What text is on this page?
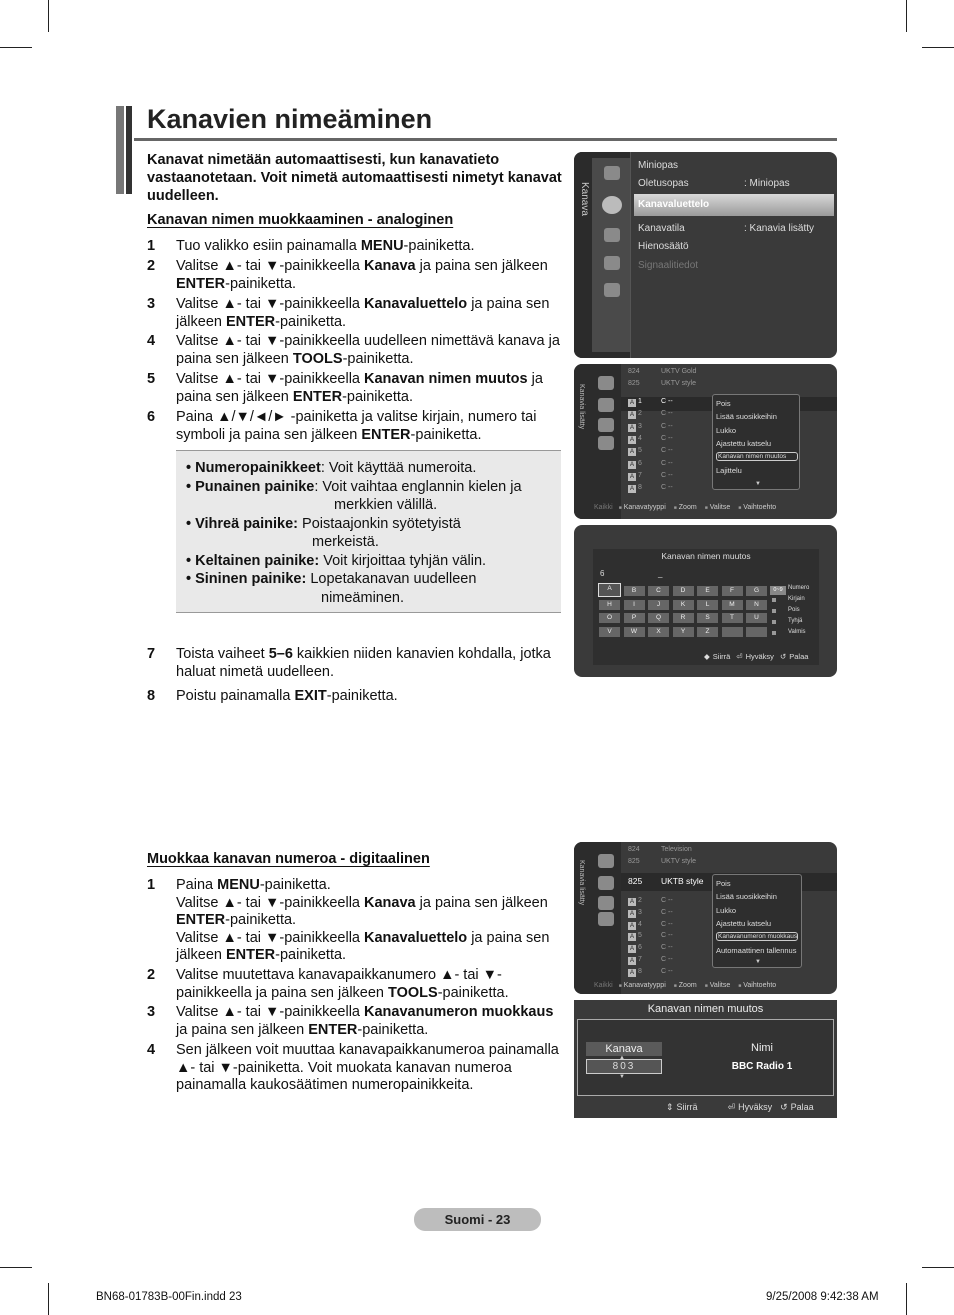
Kanavien nimeäminen
Kanavat nimetään automaattisesti, kun kanavatieto vastaanotetaan. Voit nimetä automaattisesti nimetyt kanavat uudelleen.
Kanavan nimen muokkaaminen - analoginen
1 Tuo valikko esiin painamalla MENU-painiketta.
2 Valitse ▲- tai ▼-painikkeella Kanava ja paina sen jälkeen ENTER-painiketta.
3 Valitse ▲- tai ▼-painikkeella Kanavaluettelo ja paina sen jälkeen ENTER-painiketta.
4 Valitse ▲- tai ▼-painikkeella uudelleen nimettävä kanava ja paina sen jälkeen TOOLS-painiketta.
5 Valitse ▲- tai ▼-painikkeella Kanavan nimen muutos ja paina sen jälkeen ENTER-painiketta.
6 Paina ▲/▼/◄/► -painiketta ja valitse kirjain, numero tai symboli ja paina sen jälkeen ENTER-painiketta.
• Numeropainikkeet: Voit käyttää numeroita.
• Punainen painike: Voit vaihtaa englannin kielen ja
merkkien välillä.
• Vihreä painike: Poistaajonkin syötetyistä
merkeistä.
• Keltainen painike: Voit kirjoittaa tyhjän välin.
• Sininen painike: Lopetakanavan uudelleen
nimeäminen.
7 Toista vaiheet 5–6 kaikkien niiden kanavien kohdalla, jotka haluat nimetä uudelleen.
8 Poistu painamalla EXIT-painiketta.
Muokkaa kanavan numeroa - digitaalinen
1 Paina MENU-painiketta.
Valitse ▲- tai ▼-painikkeella Kanava ja paina sen jälkeen ENTER-painiketta.
Valitse ▲- tai ▼-painikkeella Kanavaluettelo ja paina sen jälkeen ENTER-painiketta.
2 Valitse muutettava kanavapaikkanumero ▲- tai ▼-painikkeella ja paina sen jälkeen TOOLS-painiketta.
3 Valitse ▲- tai ▼-painikkeella Kanavanumeron muokkaus ja paina sen jälkeen ENTER-painiketta.
4 Sen jälkeen voit muuttaa kanavapaikkanumeroa painamalla ▲- tai ▼-painiketta. Voit muokata kanavan numeroa painamalla kaukosäätimen numeropainikkeita.
Kanava
Miniopas
Oletusopas	: Miniopas
Kanavaluettelo
Kanavatila	: Kanavia lisätty
Hienosäätö
Signaalitiedot
Kanavia lisätty
824	UKTV Gold
825	UKTV style
A 1	C --
A 2	C --
A 3	C --
A 4	C --
A 5	C --
A 6	C --
A 7	C --
A 8	C --
Pois
Lisää suosikkeihin
Lukko
Ajastettu katselu
Kanavan nimen muutos
Lajittelu
▼
Kaikki ■ Kanavatyyppi ■ Zoom ■ Valitse ■ Vaihtoehto
Kanavan nimen muutos
6	_
A	B	C	D	E	F	G
H	I	J	K	L	M	N
O	P	Q	R	S	T	U
V	W	X	Y	Z
0~9 Numero
Kirjain
Pois
Tyhjä
Valmis
◆ Siirrä ⏎ Hyväksy ↺ Palaa
Kanavia lisätty
824	Television
825	UKTV style
825 UKTB style
A 2	C --
A 3	C --
A 4	C --
A 5	C --
A 6	C --
A 7	C --
A 8	C --
Pois
Lisää suosikkeihin
Lukko
Ajastettu katselu
Kanavanumeron muokkaus
Automaattinen tallennus
▼
Kaikki ■ Kanavatyyppi ■ Zoom ■ Valitse ■ Vaihtoehto
Kanavan nimen muutos
Kanava	Nimi
803
▲
▼
BBC Radio 1
⇕ Siirrä	⏎ Hyväksy ↺ Palaa
Suomi - 23
BN68-01783B-00Fin.indd 23	9/25/2008 9:42:38 AM
